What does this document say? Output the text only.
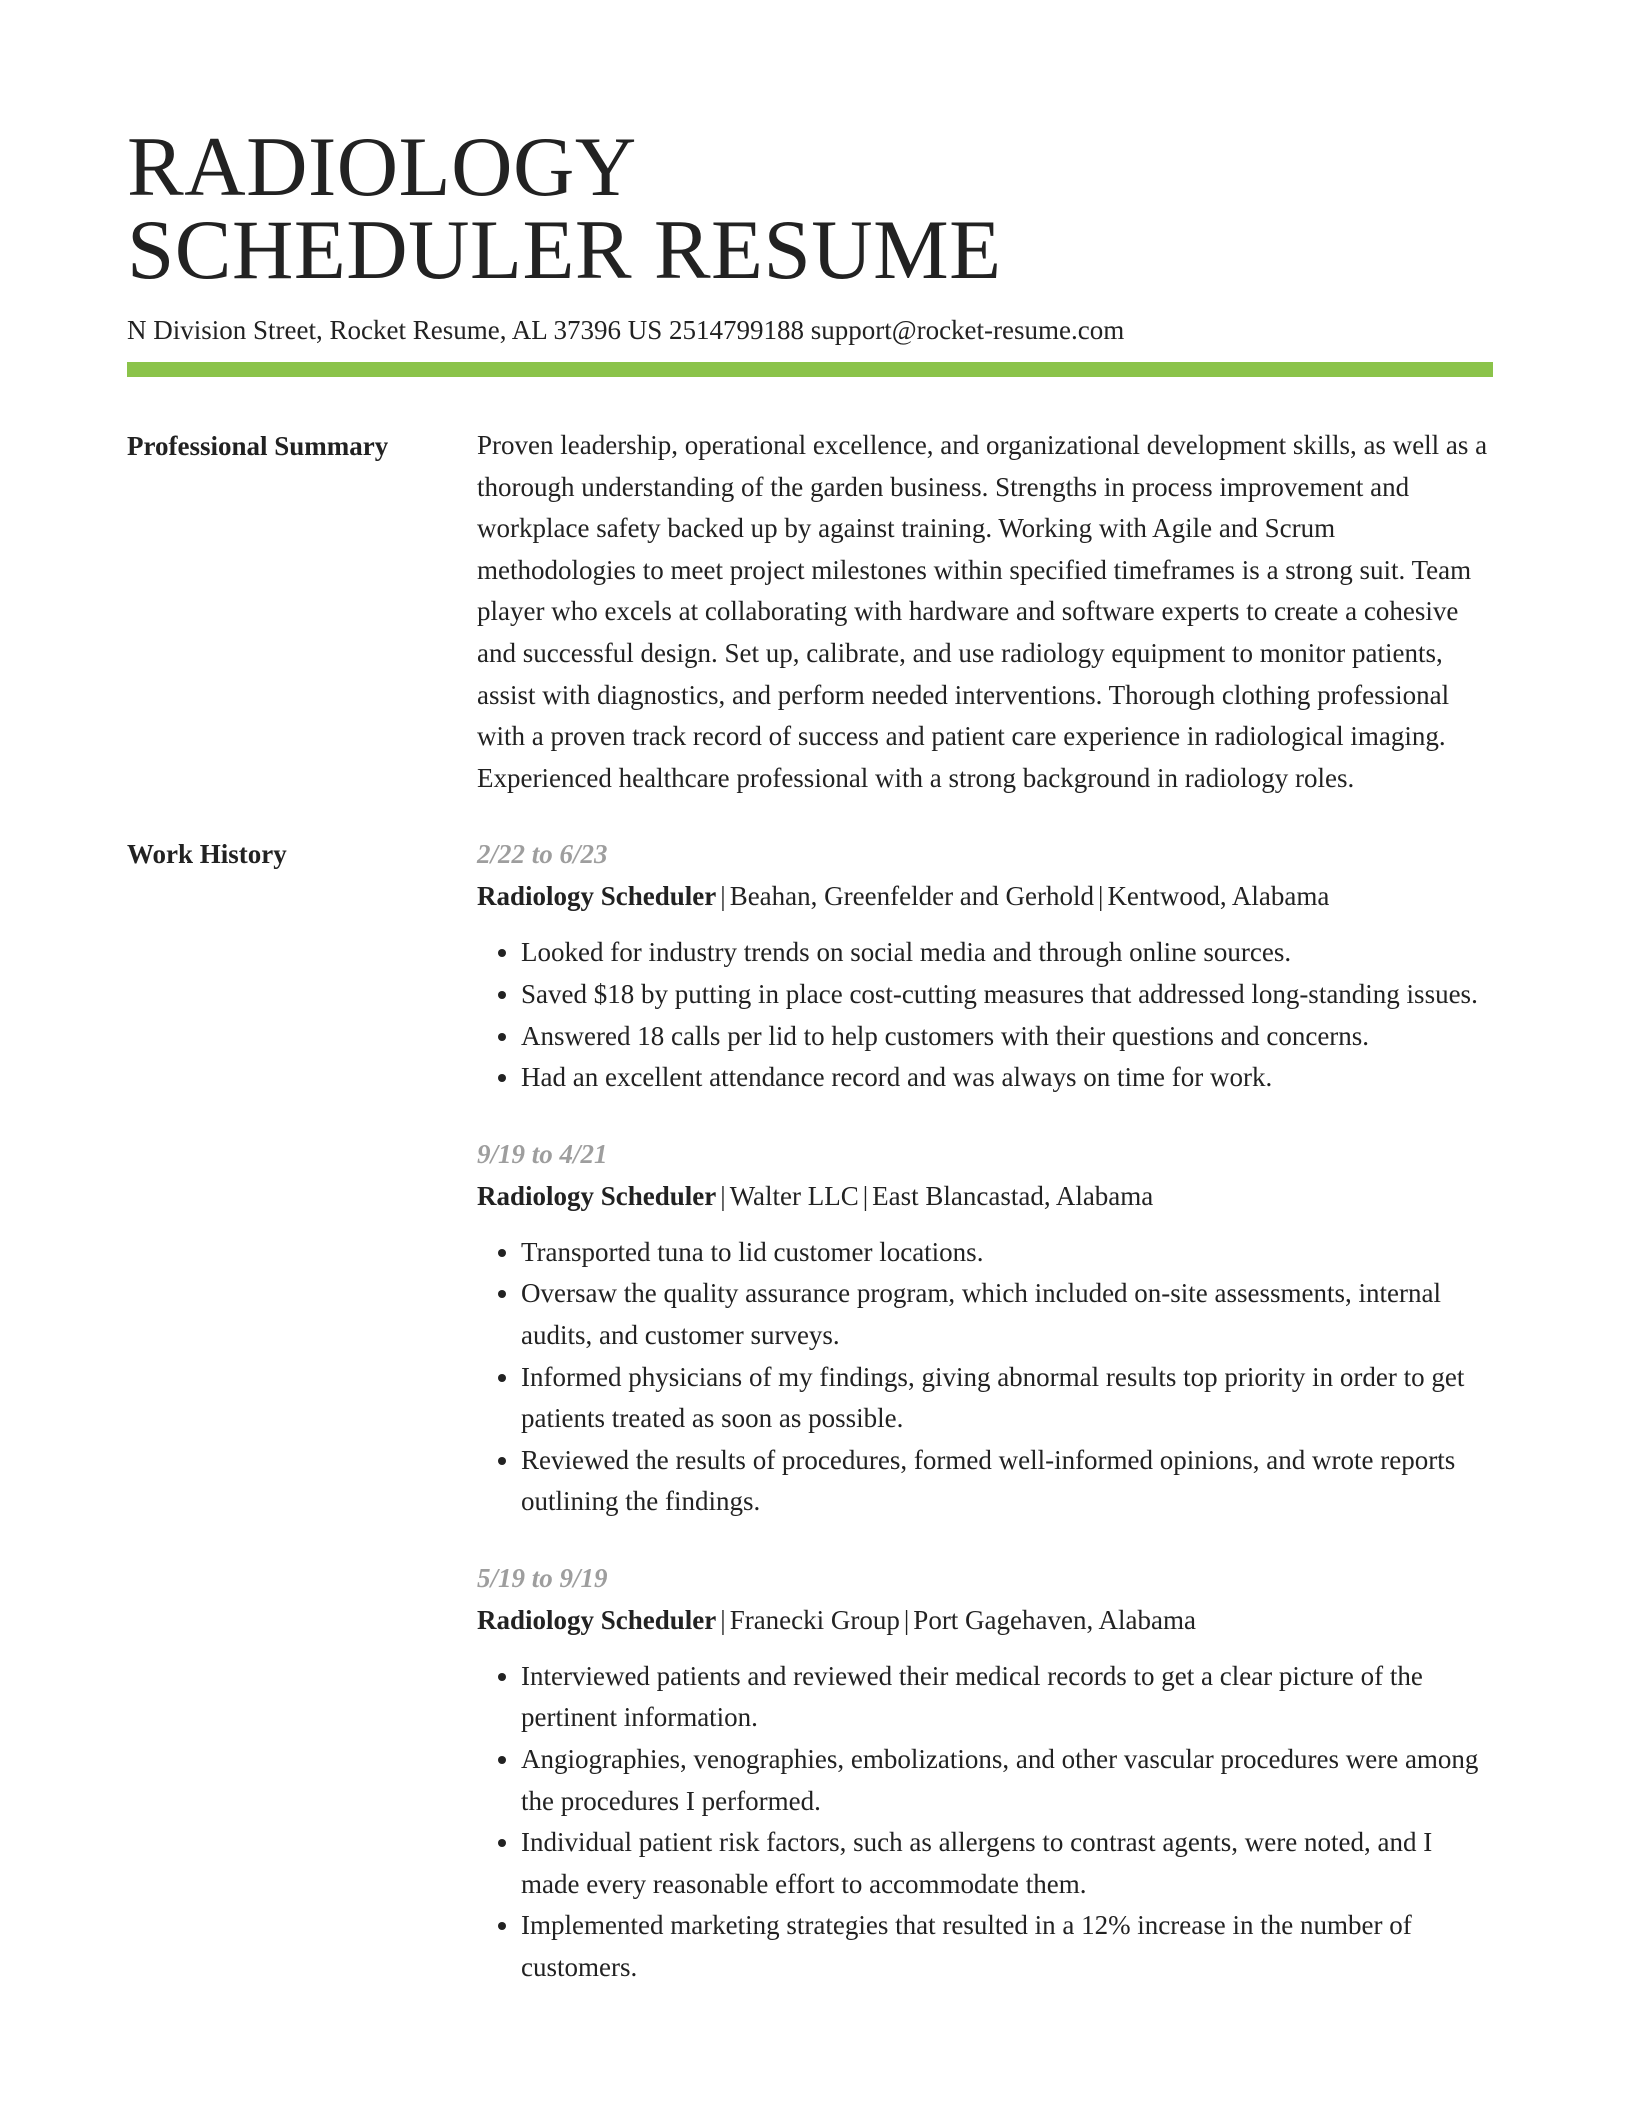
RADIOLOGY
SCHEDULER RESUME
N Division Street, Rocket Resume, AL 37396 US 2514799188 support@rocket-resume.com
Professional Summary	Proven leadership, operational excellence, and organizational development skills, as well as a thorough understanding of the garden business. Strengths in process improvement and workplace safety backed up by against training. Working with Agile and Scrum methodologies to meet project milestones within specified timeframes is a strong suit. Team player who excels at collaborating with hardware and software experts to create a cohesive and successful design. Set up, calibrate, and use radiology equipment to monitor patients, assist with diagnostics, and perform needed interventions. Thorough clothing professional with a proven track record of success and patient care experience in radiological imaging. Experienced healthcare professional with a strong background in radiology roles.

Work History	2/22 to 6/23
Radiology Scheduler | Beahan, Greenfelder and Gerhold | Kentwood, Alabama
• Looked for industry trends on social media and through online sources.
• Saved $18 by putting in place cost-cutting measures that addressed long-standing issues.
• Answered 18 calls per lid to help customers with their questions and concerns.
• Had an excellent attendance record and was always on time for work.
9/19 to 4/21
Radiology Scheduler | Walter LLC | East Blancastad, Alabama
• Transported tuna to lid customer locations.
• Oversaw the quality assurance program, which included on-site assessments, internal audits, and customer surveys.
• Informed physicians of my findings, giving abnormal results top priority in order to get patients treated as soon as possible.
• Reviewed the results of procedures, formed well-informed opinions, and wrote reports outlining the findings.
5/19 to 9/19
Radiology Scheduler | Franecki Group | Port Gagehaven, Alabama
• Interviewed patients and reviewed their medical records to get a clear picture of the pertinent information.
• Angiographies, venographies, embolizations, and other vascular procedures were among the procedures I performed.
• Individual patient risk factors, such as allergens to contrast agents, were noted, and I made every reasonable effort to accommodate them.
• Implemented marketing strategies that resulted in a 12% increase in the number of customers.
